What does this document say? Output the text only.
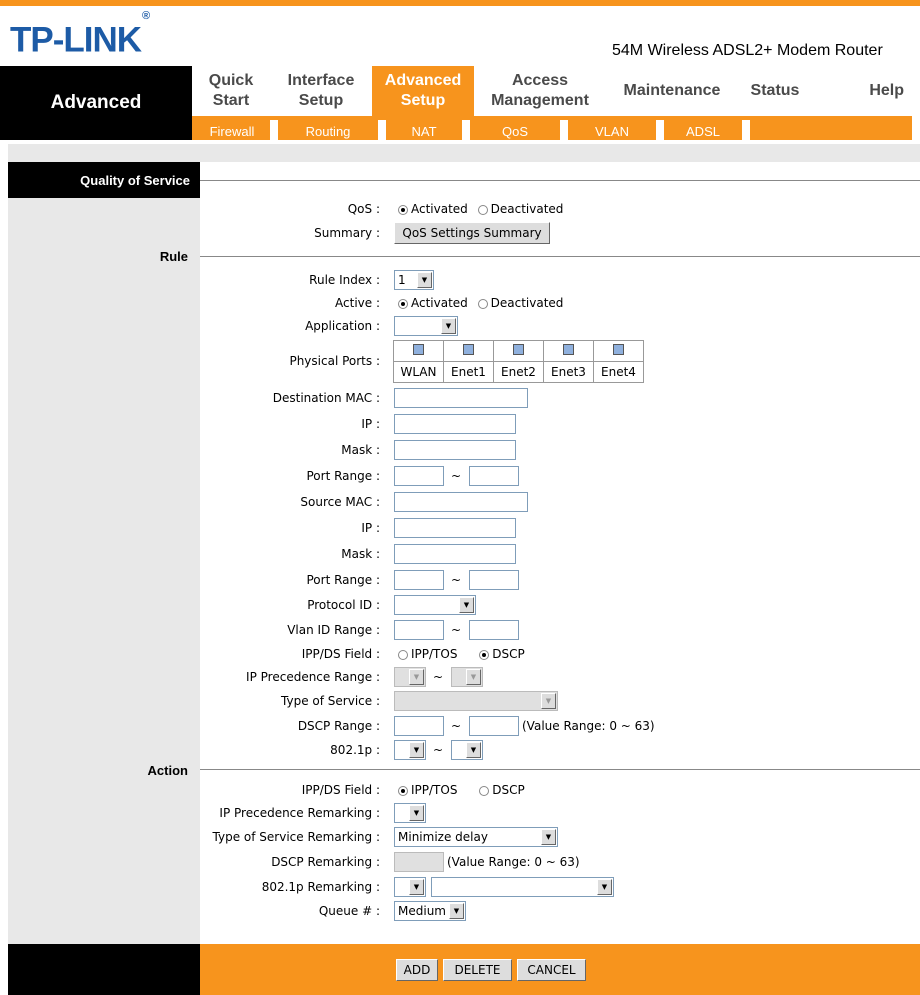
TP-LINK®
54M Wireless ADSL2+ Modem Router
Advanced
Quick
Start
Interface
Setup
Advanced
Setup
Access
Management
Maintenance Status	Help
Firewall	Routing	NAT	QoS	VLAN	ADSL
Quality of Service
QoS :	Activated Deactivated
Summary :	QoS Settings Summary
Rule
Rule Index : 1	▼
Active :	Activated Deactivated
Application :	▼
Physical Ports :

WLAN	Enet1	Enet2	Enet3	Enet4
Destination MAC :
IP :
Mask :
Port Range :	~
Source MAC :
IP :
Mask :
Port Range :	~
Protocol ID :	▼
Vlan ID Range :	~
IPP/DS Field :	IPP/TOS	DSCP
IP Precedence Range :	▼	~	▼
Type of Service :	▼
DSCP Range :	~	(Value Range: 0 ~ 63)
802.1p :	▼	~	▼
Action
IPP/DS Field :	IPP/TOS	DSCP
IP Precedence Remarking :	▼
Type of Service Remarking : Minimize delay	▼
DSCP Remarking :	(Value Range: 0 ~ 63)
802.1p Remarking :	▼	▼
Queue # : Medium	▼
ADD	DELETE	CANCEL
